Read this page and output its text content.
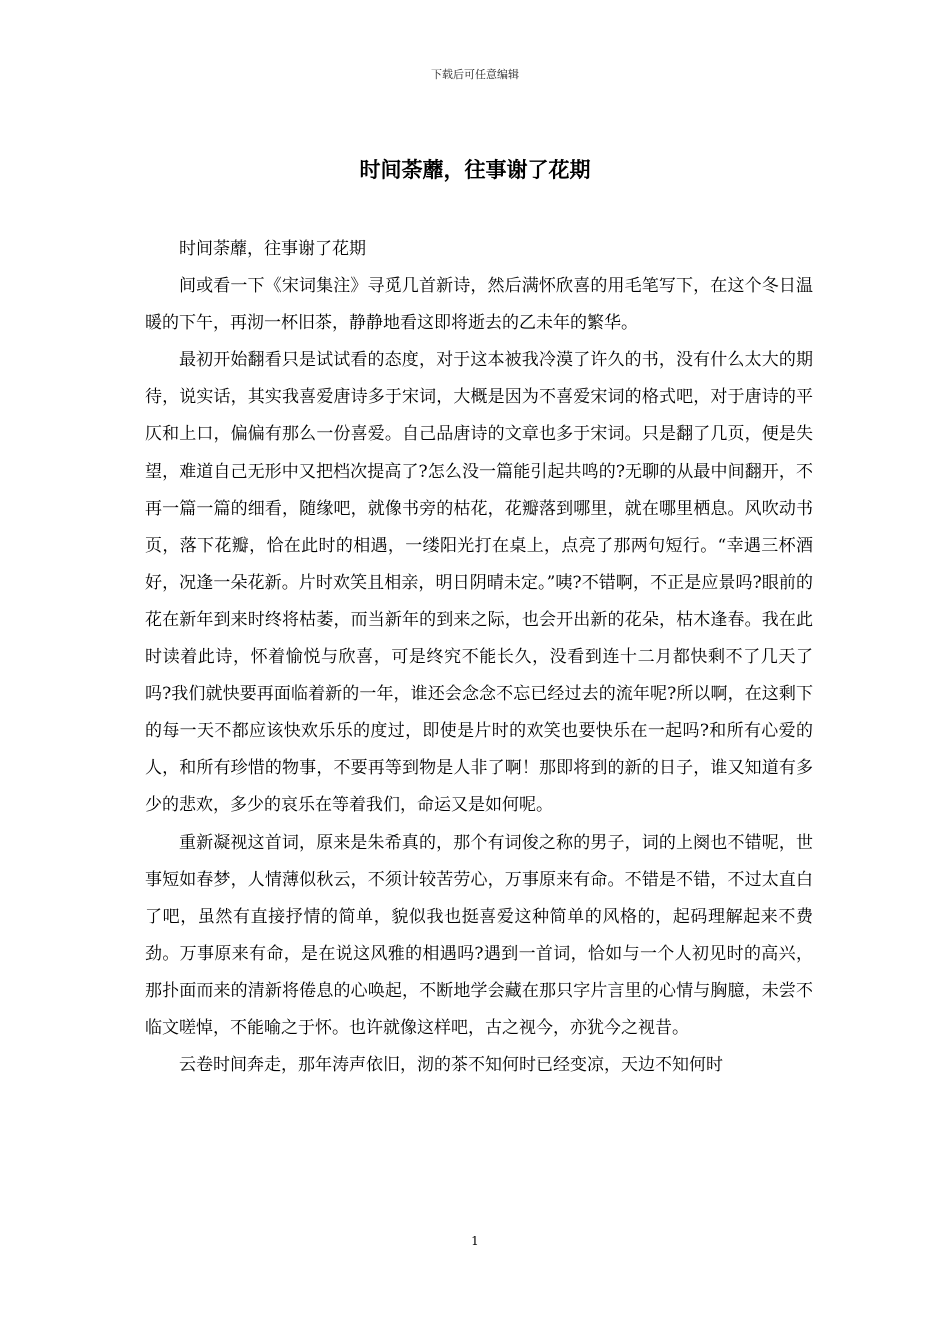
下载后可任意编辑
时间荼蘼，往事谢了花期

时间荼蘼，往事谢了花期

间或看一下《宋词集注》寻觅几首新诗，然后满怀欣喜的用毛笔写下，在这个冬日温暖的下午，再沏一杯旧茶，静静地看这即将逝去的乙未年的繁华。

最初开始翻看只是试试看的态度，对于这本被我冷漠了许久的书，没有什么太大的期待，说实话，其实我喜爱唐诗多于宋词，大概是因为不喜爱宋词的格式吧，对于唐诗的平仄和上口，偏偏有那么一份喜爱。自己品唐诗的文章也多于宋词。只是翻了几页，便是失望，难道自己无形中又把档次提高了?怎么没一篇能引起共鸣的?无聊的从最中间翻开，不再一篇一篇的细看，随缘吧，就像书旁的枯花，花瓣落到哪里，就在哪里栖息。风吹动书页，落下花瓣，恰在此时的相遇，一缕阳光打在桌上，点亮了那两句短行。“幸遇三杯酒好，况逢一朵花新。片时欢笑且相亲，明日阴晴未定。”咦?不错啊，不正是应景吗?眼前的花在新年到来时终将枯萎，而当新年的到来之际，也会开出新的花朵，枯木逢春。我在此时读着此诗，怀着愉悦与欣喜，可是终究不能长久，没看到连十二月都快剩不了几天了吗?我们就快要再面临着新的一年，谁还会念念不忘已经过去的流年呢?所以啊，在这剩下的每一天不都应该快欢乐乐的度过，即使是片时的欢笑也要快乐在一起吗?和所有心爱的人，和所有珍惜的物事，不要再等到物是人非了啊！那即将到的新的日子，谁又知道有多少的悲欢，多少的哀乐在等着我们，命运又是如何呢。

重新凝视这首词，原来是朱希真的，那个有词俊之称的男子，词的上阕也不错呢，世事短如春梦，人情薄似秋云，不须计较苦劳心，万事原来有命。不错是不错，不过太直白了吧，虽然有直接抒情的简单，貌似我也挺喜爱这种简单的风格的，起码理解起来不费劲。万事原来有命，是在说这风雅的相遇吗?遇到一首词，恰如与一个人初见时的高兴，那扑面而来的清新将倦息的心唤起，不断地学会藏在那只字片言里的心情与胸臆，未尝不临文嗟悼，不能喻之于怀。也许就像这样吧，古之视今，亦犹今之视昔。

云卷时间奔走，那年涛声依旧，沏的茶不知何时已经变凉，天边不知何时

1
